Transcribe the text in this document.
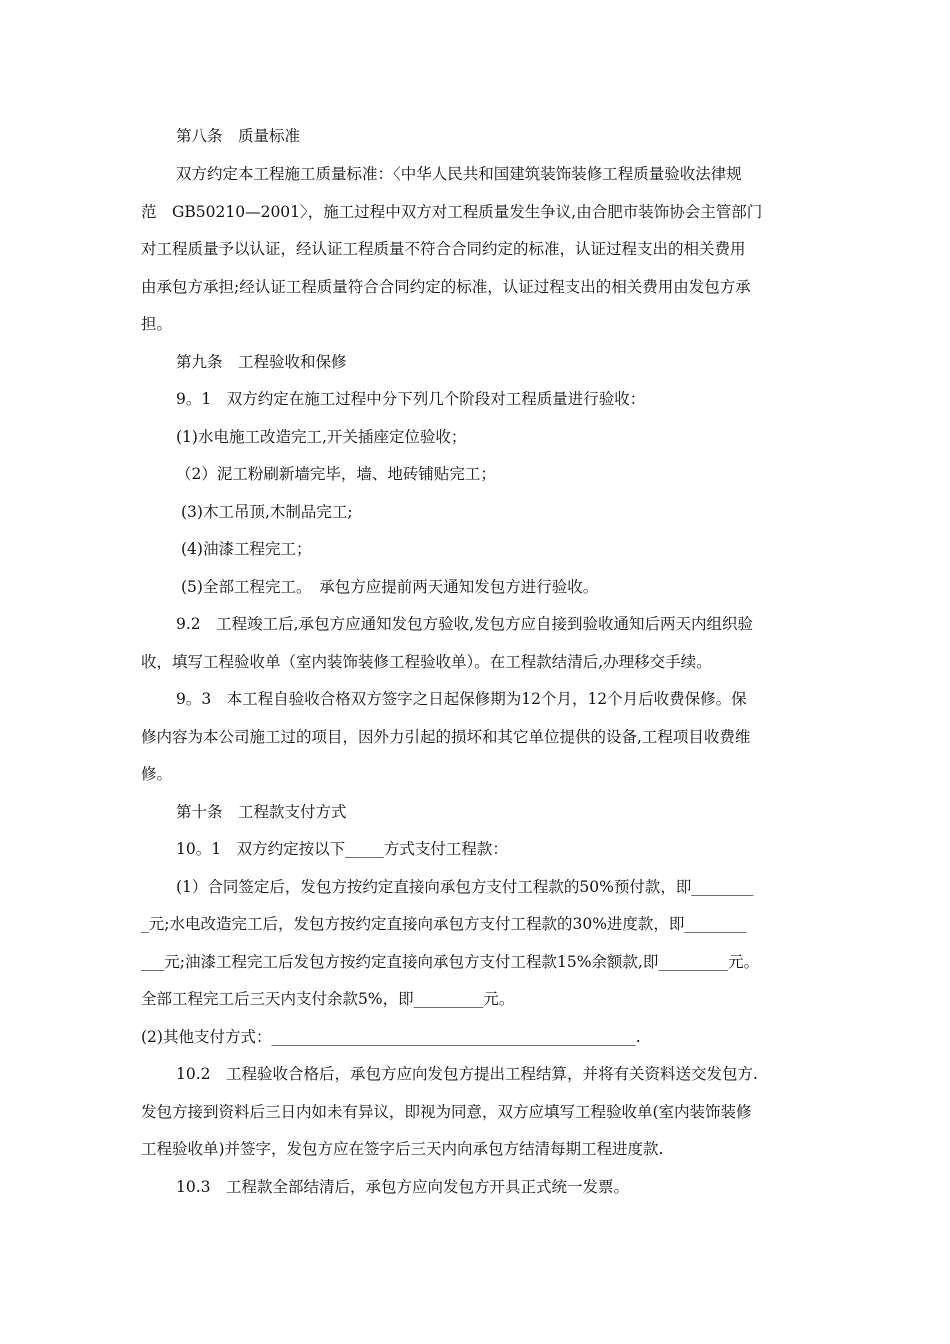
第八条　质量标准
双方约定本工程施工质量标准：〈中华人民共和国建筑装饰装修工程质量验收法律规
范　GB50210—2001〉，施工过程中双方对工程质量发生争议,由合肥市装饰协会主管部门
对工程质量予以认证，经认证工程质量不符合合同约定的标准，认证过程支出的相关费用
由承包方承担;经认证工程质量符合合同约定的标准，认证过程支出的相关费用由发包方承
担。
第九条　工程验收和保修
9。1　双方约定在施工过程中分下列几个阶段对工程质量进行验收：
(1)水电施工改造完工,开关插座定位验收；
（2）泥工粉刷新墙完毕，墙、地砖铺贴完工；
(3)木工吊顶,木制品完工;
(4)油漆工程完工；
(5)全部工程完工。　承包方应提前两天通知发包方进行验收。
9.2　工程竣工后,承包方应通知发包方验收,发包方应自接到验收通知后两天内组织验
收，填写工程验收单（室内装饰装修工程验收单）。在工程款结清后,办理移交手续。
9。3　本工程自验收合格双方签字之日起保修期为12个月，12个月后收费保修。保
修内容为本公司施工过的项目，因外力引起的损坏和其它单位提供的设备,工程项目收费维
修。
第十条　工程款支付方式
10。1　双方约定按以下_____方式支付工程款：
(1）合同签定后，发包方按约定直接向承包方支付工程款的50%预付款，即________
_元;水电改造完工后，发包方按约定直接向承包方支付工程款的30%进度款，即________
___元;油漆工程完工后发包方按约定直接向承包方支付工程款15%余额款,即_________元。
全部工程完工后三天内支付余款5%，即_________元。
(2)其他支付方式：_______________________________________________.
10.2　工程验收合格后，承包方应向发包方提出工程结算，并将有关资料送交发包方.
发包方接到资料后三日内如未有异议，即视为同意，双方应填写工程验收单(室内装饰装修
工程验收单)并签字，发包方应在签字后三天内向承包方结清每期工程进度款.
10.3　工程款全部结清后，承包方应向发包方开具正式统一发票。
